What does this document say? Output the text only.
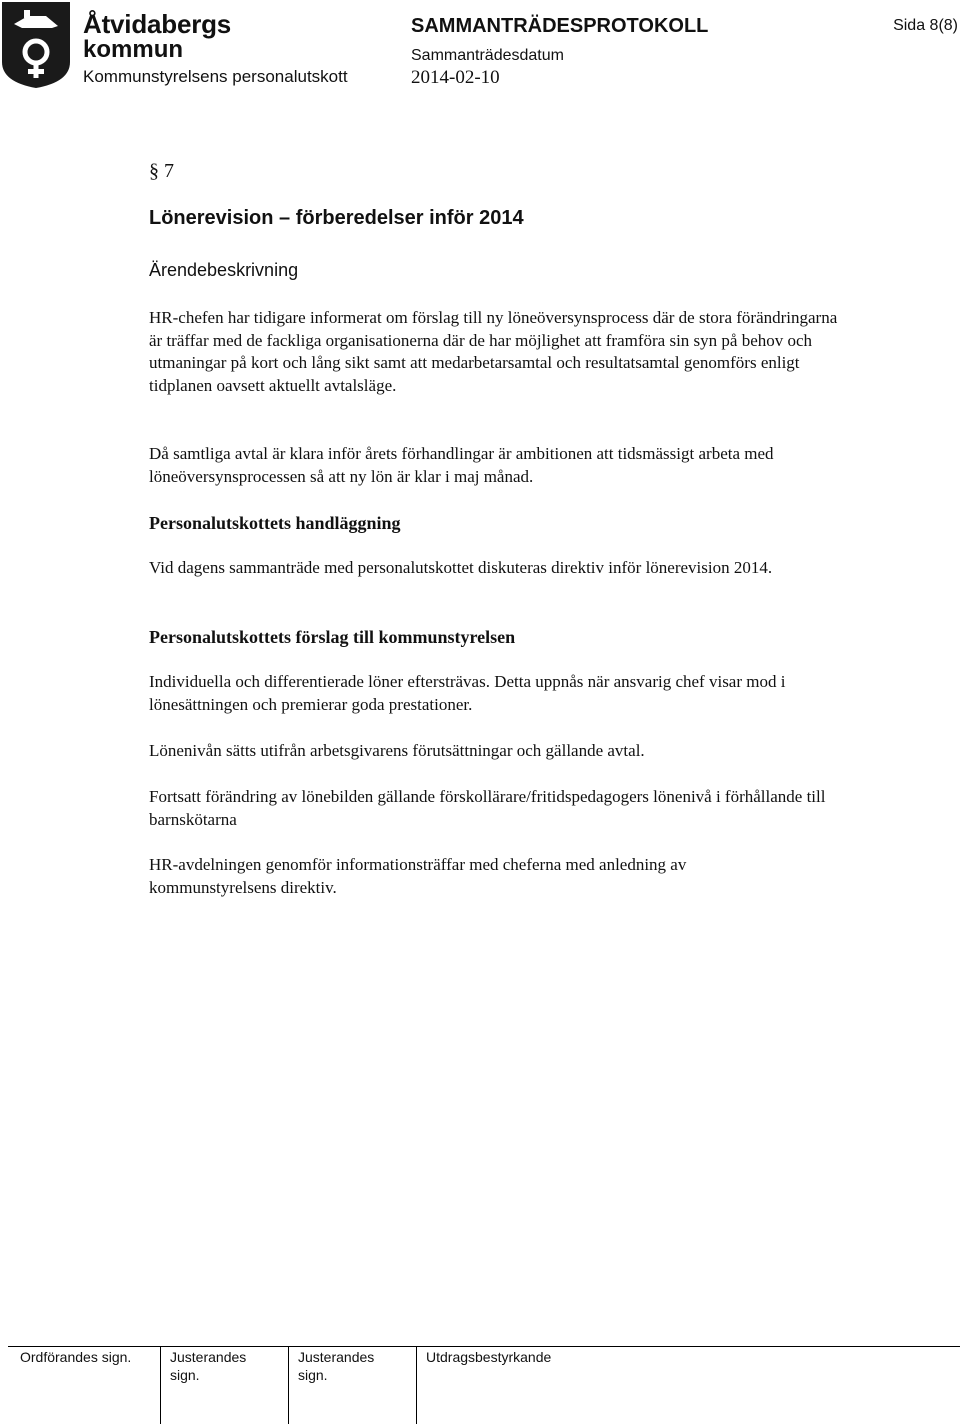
Åtvidabergs
kommun
Kommunstyrelsens personalutskott
SAMMANTRÄDESPROTOKOLL
Sammanträdesdatum
2014-02-10
Sida 8(8)
§ 7
Lönerevision – förberedelser inför 2014
Ärendebeskrivning

HR-chefen har tidigare informerat om förslag till ny löneöversynsprocess där de stora förändringarna är träffar med de fackliga organisationerna där de har möjlighet att framföra sin syn på behov och utmaningar på kort och lång sikt samt att medarbetarsamtal och resultatsamtal genomförs enligt tidplanen oavsett aktuellt avtalsläge.

Då samtliga avtal är klara inför årets förhandlingar är ambitionen att tidsmässigt arbeta med löneöversynsprocessen så att ny lön är klar i maj månad.

Personalutskottets handläggning

Vid dagens sammanträde med personalutskottet diskuteras direktiv inför lönerevision 2014.

Personalutskottets förslag till kommunstyrelsen

Individuella och differentierade löner eftersträvas. Detta uppnås när ansvarig chef visar mod i lönesättningen och premierar goda prestationer.

Lönenivån sätts utifrån arbetsgivarens förutsättningar och gällande avtal.

Fortsatt förändring av lönebilden gällande förskollärare/fritidspedagogers lönenivå i förhållande till barnskötarna

HR-avdelningen genomför informationsträffar med cheferna med anledning av kommunstyrelsens direktiv.

Ordförandes sign.	Justerandes
sign.
Justerandes
sign.
Utdragsbestyrkande
